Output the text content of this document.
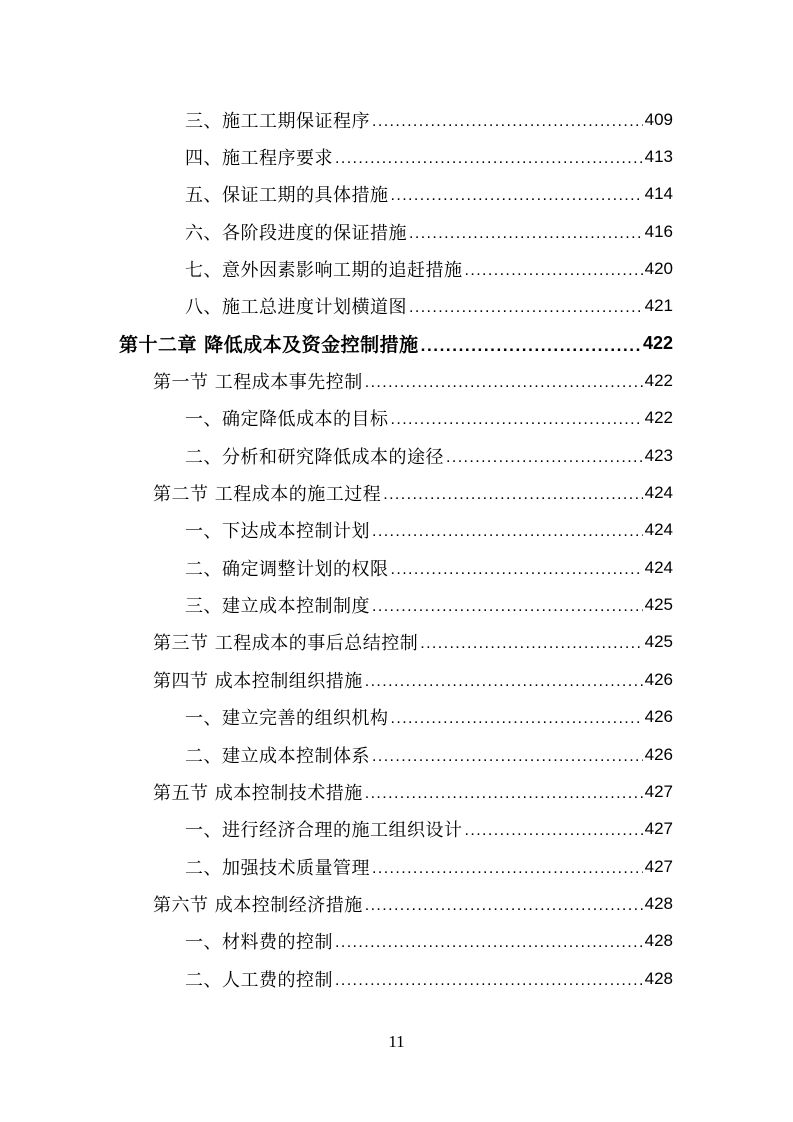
三、施工工期保证程序 .....	409
四、施工程序要求 .....	413
五、保证工期的具体措施 .....	414
六、各阶段进度的保证措施 .....	416
七、意外因素影响工期的追赶措施 .....	420
八、施工总进度计划横道图 .....	421
第十二章 降低成本及资金控制措施 .....	422
第一节 工程成本事先控制 .....	422
一、确定降低成本的目标 .....	422
二、分析和研究降低成本的途径 .....	423
第二节 工程成本的施工过程 .....	424
一、下达成本控制计划 .....	424
二、确定调整计划的权限 .....	424
三、建立成本控制制度 .....	425
第三节 工程成本的事后总结控制 .....	425
第四节 成本控制组织措施 .....	426
一、建立完善的组织机构 .....	426
二、建立成本控制体系 .....	426
第五节 成本控制技术措施 .....	427
一、进行经济合理的施工组织设计 .....	427
二、加强技术质量管理 .....	427
第六节 成本控制经济措施 .....	428
一、材料费的控制 .....	428
二、人工费的控制 .....	428
11
